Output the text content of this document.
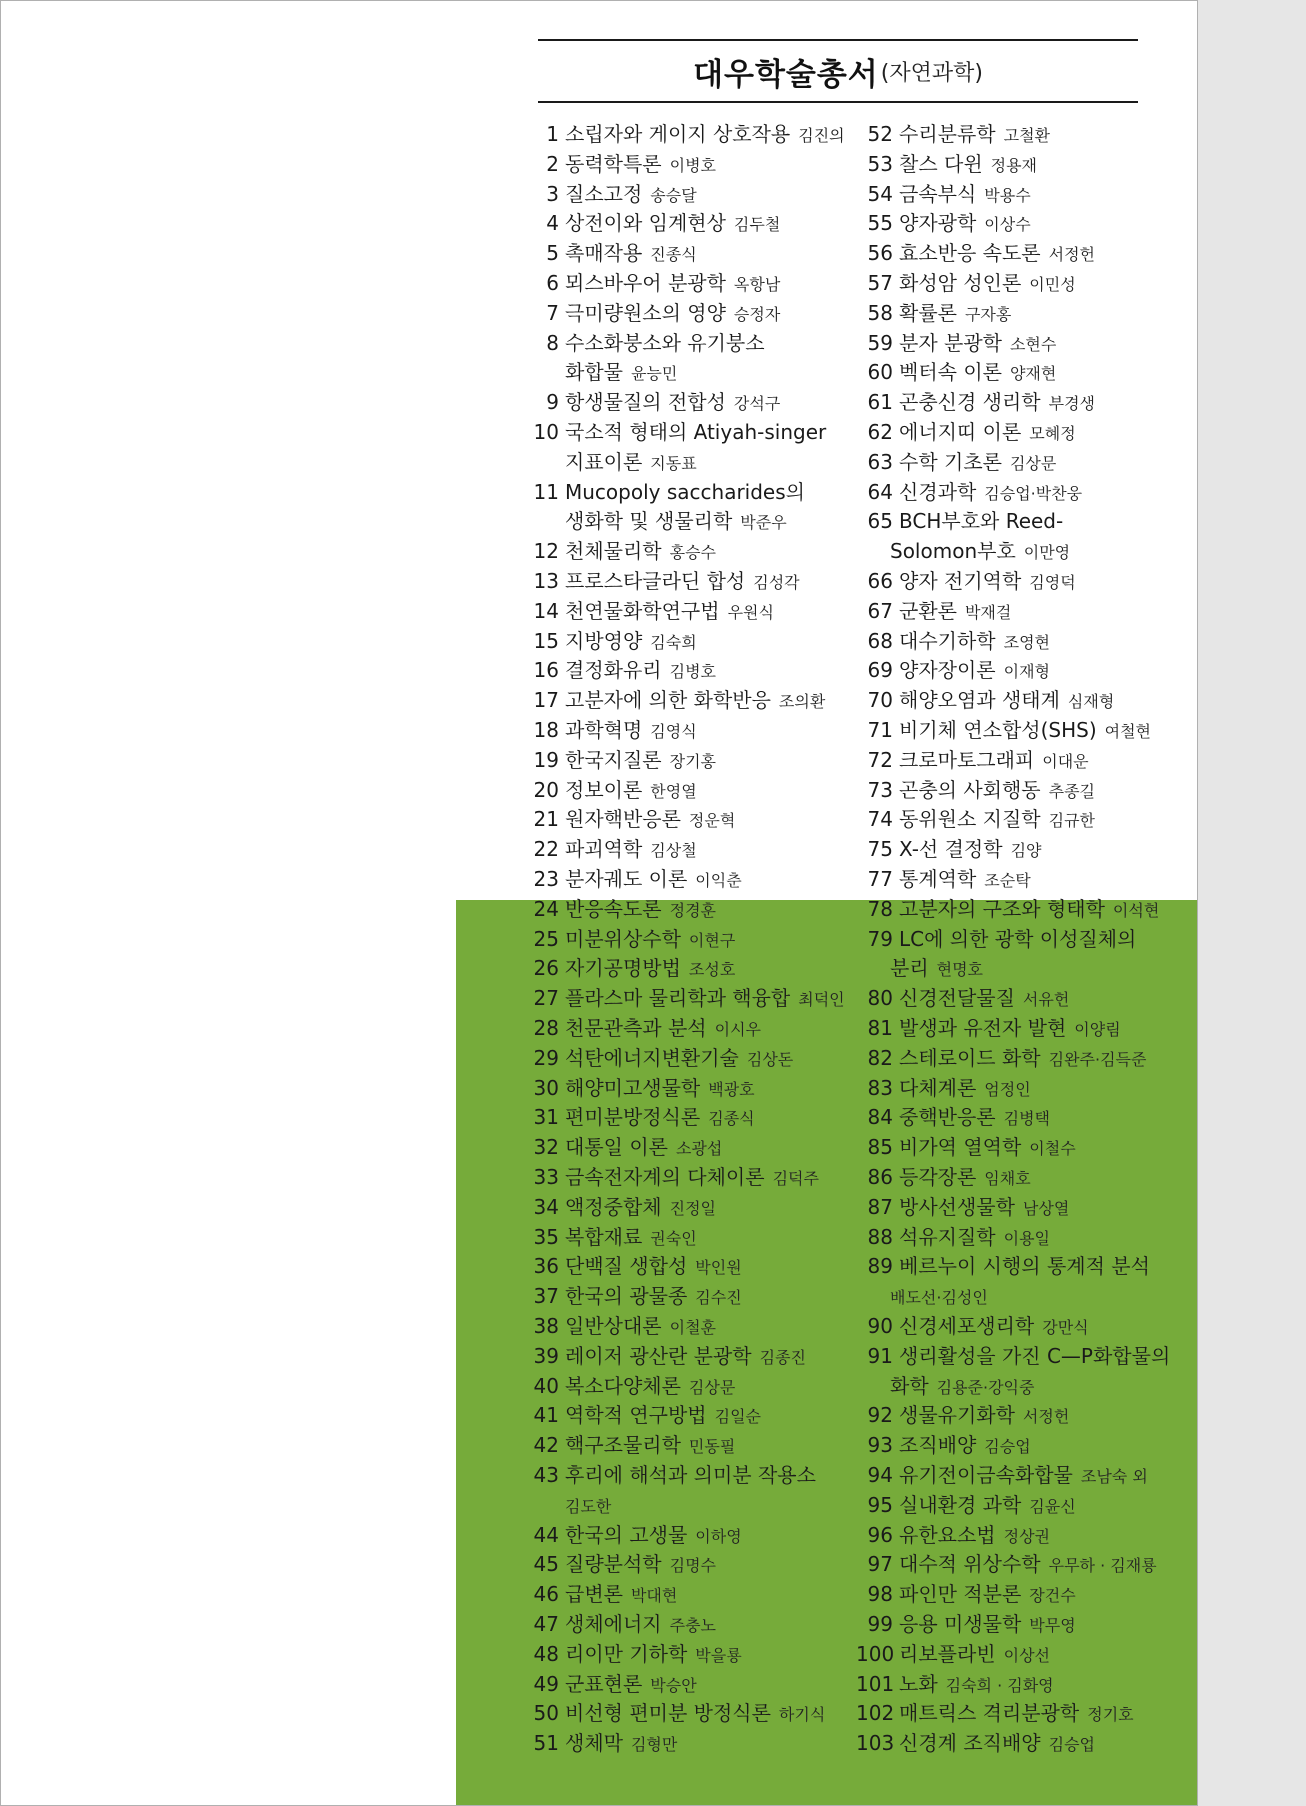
대우학술총서 (자연과학)
1 소립자와 게이지 상호작용 김진의
2 동력학특론 이병호
3 질소고정 송승달
4 상전이와 임계현상 김두철
5 촉매작용 진종식
6 뫼스바우어 분광학 옥항남
7 극미량원소의 영양 승정자
8 수소화붕소와 유기붕소
화합물 윤능민
9 항생물질의 전합성 강석구
10 국소적 형태의 Atiyah-singer
지표이론 지동표
11 Mucopoly saccharides의
생화학 및 생물리학 박준우
12 천체물리학 홍승수
13 프로스타글라딘 합성 김성각
14 천연물화학연구법 우원식
15 지방영양 김숙희
16 결정화유리 김병호
17 고분자에 의한 화학반응 조의환
18 과학혁명 김영식
19 한국지질론 장기홍
20 정보이론 한영열
21 원자핵반응론 정운혁
22 파괴역학 김상철
23 분자궤도 이론 이익춘
24 반응속도론 정경훈
25 미분위상수학 이현구
26 자기공명방법 조성호
27 플라스마 물리학과 핵융합 최덕인
28 천문관측과 분석 이시우
29 석탄에너지변환기술 김상돈
30 해양미고생물학 백광호
31 편미분방정식론 김종식
32 대통일 이론 소광섭
33 금속전자계의 다체이론 김덕주
34 액정중합체 진정일
35 복합재료 권숙인
36 단백질 생합성 박인원
37 한국의 광물종 김수진
38 일반상대론 이철훈
39 레이저 광산란 분광학 김종진
40 복소다양체론 김상문
41 역학적 연구방법 김일순
42 핵구조물리학 민동필
43 후리에 해석과 의미분 작용소
김도한
44 한국의 고생물 이하영
45 질량분석학 김명수
46 급변론 박대현
47 생체에너지 주충노
48 리이만 기하학 박을룡
49 군표현론 박승안
50 비선형 편미분 방정식론 하기식
51 생체막 김형만
52 수리분류학 고철환
53 찰스 다윈 정용재
54 금속부식 박용수
55 양자광학 이상수
56 효소반응 속도론 서정헌
57 화성암 성인론 이민성
58 확률론 구자홍
59 분자 분광학 소현수
60 벡터속 이론 양재현
61 곤충신경 생리학 부경생
62 에너지띠 이론 모혜정
63 수학 기초론 김상문
64 신경과학 김승업·박찬웅
65 BCH부호와 Reed-
Solomon부호 이만영
66 양자 전기역학 김영덕
67 군환론 박재걸
68 대수기하학 조영현
69 양자장이론 이재형
70 해양오염과 생태계 심재형
71 비기체 연소합성(SHS) 여철현
72 크로마토그래피 이대운
73 곤충의 사회행동 추종길
74 동위원소 지질학 김규한
75 X-선 결정학 김양
77 통계역학 조순탁
78 고분자의 구조와 형태학 이석현
79 LC에 의한 광학 이성질체의
분리 현명호
80 신경전달물질 서유헌
81 발생과 유전자 발현 이양림
82 스테로이드 화학 김완주·김득준
83 다체계론 엄정인
84 중핵반응론 김병택
85 비가역 열역학 이철수
86 등각장론 임채호
87 방사선생물학 남상열
88 석유지질학 이용일
89 베르누이 시행의 통계적 분석
배도선·김성인
90 신경세포생리학 강만식
91 생리활성을 가진 C—P화합물의
화학 김용준·강익중
92 생물유기화학 서정헌
93 조직배양 김승업
94 유기전이금속화합물 조남숙 외
95 실내환경 과학 김윤신
96 유한요소법 정상권
97 대수적 위상수학 우무하 · 김재룡
98 파인만 적분론 장건수
99 응용 미생물학 박무영
100 리보플라빈 이상선
101 노화 김숙희 · 김화영
102 매트릭스 격리분광학 정기호
103 신경계 조직배양 김승업
